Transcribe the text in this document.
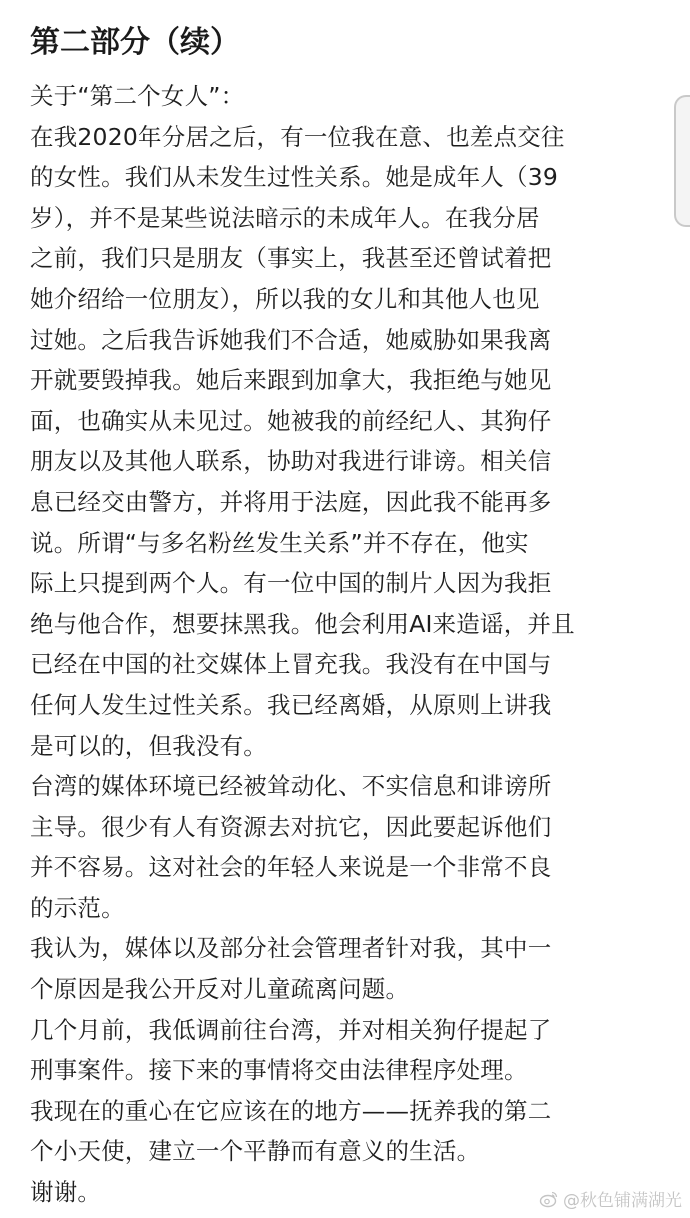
第二部分（续）
关于“第二个女人”：
在我2020年分居之后，有一位我在意、也差点交往
的女性。我们从未发生过性关系。她是成年人（39
岁），并不是某些说法暗示的未成年人。在我分居
之前，我们只是朋友（事实上，我甚至还曾试着把
她介绍给一位朋友），所以我的女儿和其他人也见
过她。之后我告诉她我们不合适，她威胁如果我离
开就要毁掉我。她后来跟到加拿大，我拒绝与她见
面，也确实从未见过。她被我的前经纪人、其狗仔
朋友以及其他人联系，协助对我进行诽谤。相关信
息已经交由警方，并将用于法庭，因此我不能再多
说。所谓“与多名粉丝发生关系”并不存在，他实
际上只提到两个人。有一位中国的制片人因为我拒
绝与他合作，想要抹黑我。他会利用AI来造谣，并且
已经在中国的社交媒体上冒充我。我没有在中国与
任何人发生过性关系。我已经离婚，从原则上讲我
是可以的，但我没有。
台湾的媒体环境已经被耸动化、不实信息和诽谤所
主导。很少有人有资源去对抗它，因此要起诉他们
并不容易。这对社会的年轻人来说是一个非常不良
的示范。
我认为，媒体以及部分社会管理者针对我，其中一
个原因是我公开反对儿童疏离问题。
几个月前，我低调前往台湾，并对相关狗仔提起了
刑事案件。接下来的事情将交由法律程序处理。
我现在的重心在它应该在的地方——抚养我的第二
个小天使，建立一个平静而有意义的生活。
谢谢。	@秋色铺满湖光
